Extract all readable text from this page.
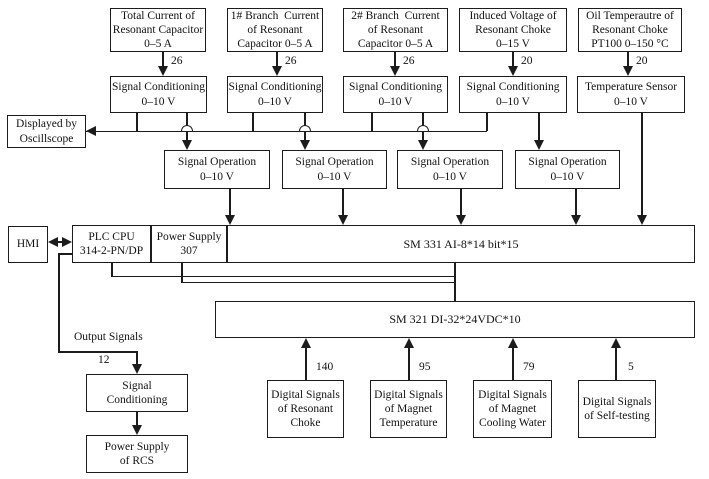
Total Current of
Resonant Capacitor
0–5 A
1# Branch  Current
of Resonant
Capacitor 0–5 A
2# Branch  Current
of Resonant
Capacitor 0–5 A
Induced Voltage of
Resonant Choke
0–15 V
Oil Temperautre of
Resonant Choke
PT100 0–150 °C
26	26	26	20	20
Signal Conditioning
0–10 V
Signal Conditioning
0–10 V
Signal Conditioning
0–10 V
Signal Conditioning
0–10 V
Temperature Sensor
0–10 V
Displayed by
Oscillscope
Signal Operation
0–10 V
Signal Operation
0–10 V
Signal Operation
0–10 V
Signal Operation
0–10 V
HMI
PLC CPU
314-2-PN/DP
Power Supply
307
SM 331 AI-8*14 bit*15
SM 321 DI-32*24VDC*10
Output Signals
12
Signal
Conditioning
Power Supply
of RCS
140	95	79	5
Digital Signals
of Resonant
Choke
Digital Signals
of Magnet
Temperature
Digital Signals
of Magnet
Cooling Water
Digital Signals
of Self-testing
